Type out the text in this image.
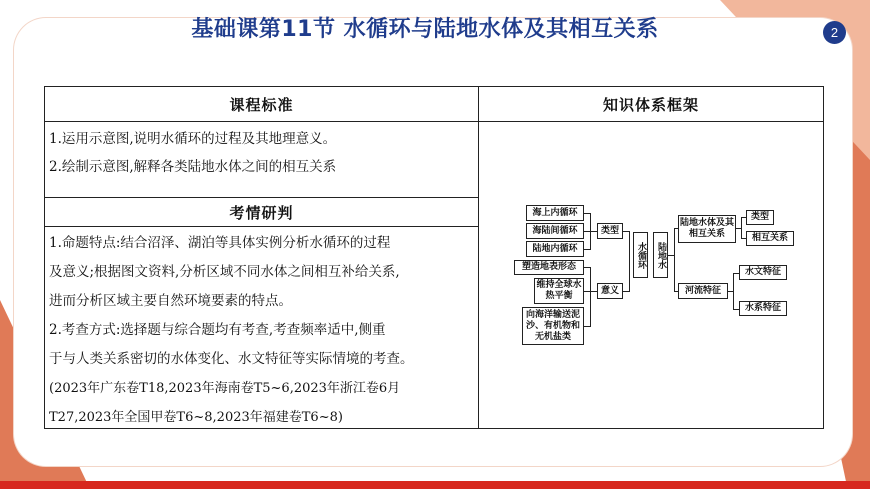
基础课第11节 水循环与陆地水体及其相互关系	2
课程标准
1.运用示意图,说明水循环的过程及其地理意义。
2.绘制示意图,解释各类陆地水体之间的相互关系
考情研判
1.命题特点:结合沼泽、湖泊等具体实例分析水循环的过程
及意义;根据图文资料,分析区域不同水体之间相互补给关系,
进而分析区域主要自然环境要素的特点。
2.考查方式:选择题与综合题均有考查,考查频率适中,侧重
于与人类关系密切的水体变化、水文特征等实际情境的考查。
(2023年广东卷T18,2023年海南卷T5~6,2023年浙江卷6月
T27,2023年全国甲卷T6~8,2023年福建卷T6~8)
知识体系框架
海上内循环
海陆间循环
陆地内循环
类型
塑造地表形态
维持全球水热平衡
向海洋输送泥沙、有机物和无机盐类
意义
水循环	陆地水
陆地水体及其相互关系
河流特征
类型
相互关系
水文特征
水系特征
